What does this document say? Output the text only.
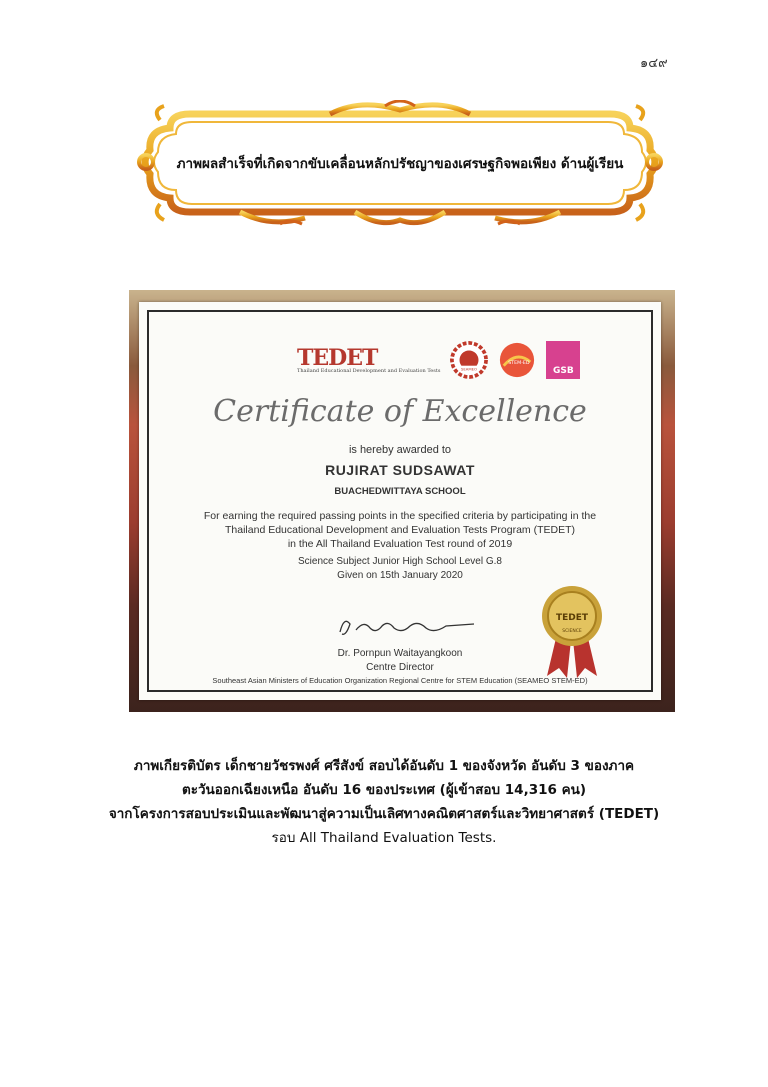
๑๔๙
ภาพผลสำเร็จที่เกิดจากขับเคลื่อนหลักปรัชญาของเศรษฐกิจพอเพียง ด้านผู้เรียน
TEDET
Thailand Educational Development and Evaluation Tests	SEAMEO
STEM-ED
GSB
Certificate of Excellence
is hereby awarded to
RUJIRAT SUDSAWAT
BUACHEDWITTAYA SCHOOL
For earning the required passing points in the specified criteria by participating in the
Thailand Educational Development and Evaluation Tests Program (TEDET)
in the All Thailand Evaluation Test round of 2019
Science Subject Junior High School Level G.8
Given on 15th January 2020
Dr. Pornpun Waitayangkoon
Centre Director
Southeast Asian Ministers of Education Organization Regional Centre for STEM Education (SEAMEO STEM-ED)
TEDET
SCIENCE
ภาพเกียรติบัตร เด็กชายวัชรพงศ์ ศรีสังข์ สอบได้อันดับ 1 ของจังหวัด อันดับ 3 ของภาค
ตะวันออกเฉียงเหนือ อันดับ 16 ของประเทศ (ผู้เข้าสอบ 14,316 คน)
จากโครงการสอบประเมินและพัฒนาสู่ความเป็นเลิศทางคณิตศาสตร์และวิทยาศาสตร์ (TEDET)
รอบ All Thailand Evaluation Tests.
